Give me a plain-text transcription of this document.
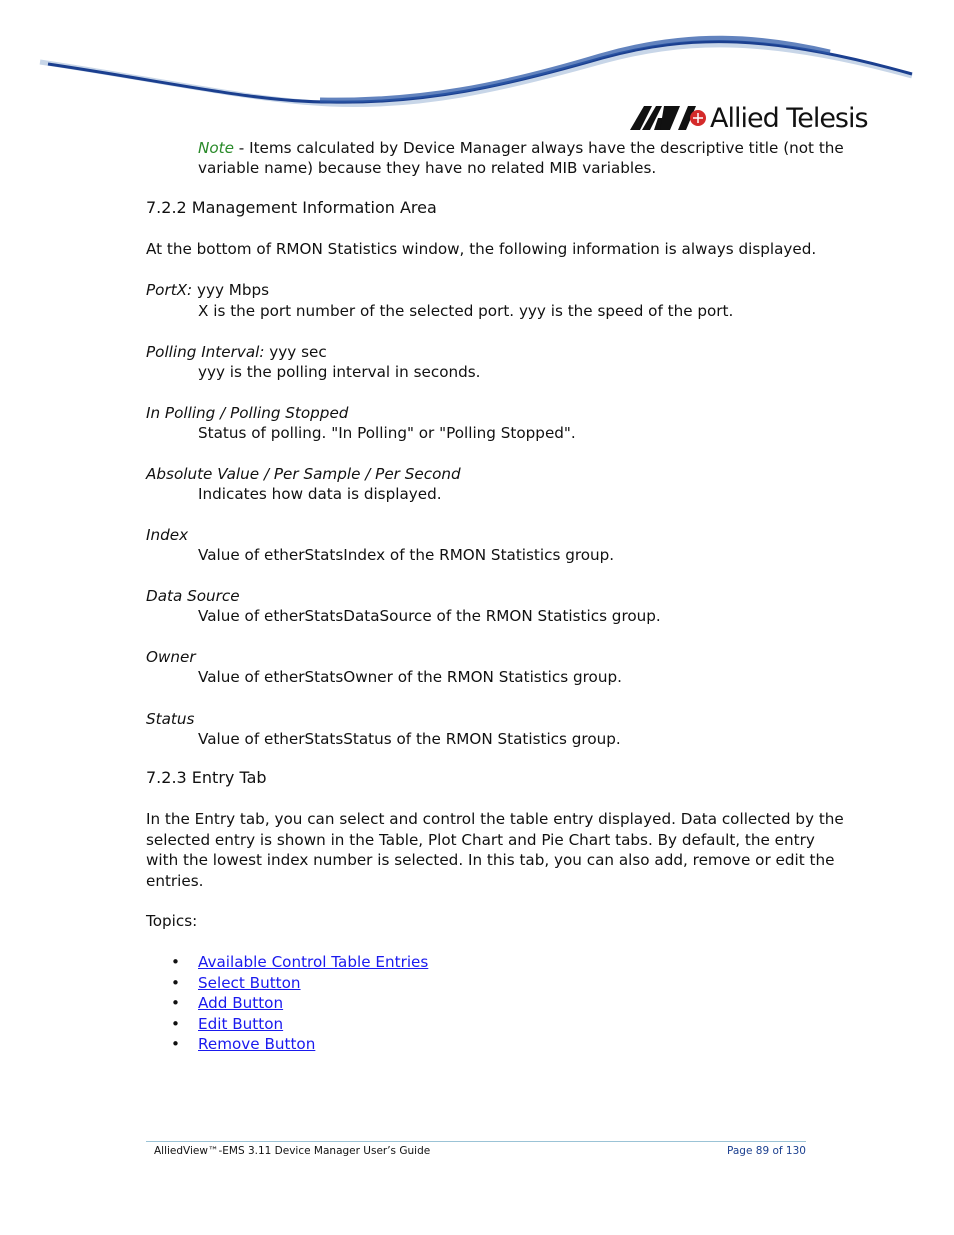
Allied Telesis
Note - Items calculated by Device Manager always have the descriptive title (not the
variable name) because they have no related MIB variables.
7.2.2 Management Information Area
At the bottom of RMON Statistics window, the following information is always displayed.
PortX: yyy Mbps
X is the port number of the selected port. yyy is the speed of the port.
Polling Interval: yyy sec
yyy is the polling interval in seconds.
In Polling / Polling Stopped
Status of polling. "In Polling" or "Polling Stopped".
Absolute Value / Per Sample / Per Second
Indicates how data is displayed.
Index
Value of etherStatsIndex of the RMON Statistics group.
Data Source
Value of etherStatsDataSource of the RMON Statistics group.
Owner
Value of etherStatsOwner of the RMON Statistics group.
Status
Value of etherStatsStatus of the RMON Statistics group.
7.2.3 Entry Tab
In the Entry tab, you can select and control the table entry displayed. Data collected by the
selected entry is shown in the Table, Plot Chart and Pie Chart tabs. By default, the entry
with the lowest index number is selected. In this tab, you can also add, remove or edit the
entries.
Topics:
• Available Control Table Entries
• Select Button
• Add Button
• Edit Button
• Remove Button
AlliedView™-EMS 3.11 Device Manager User’s Guide	Page 89 of 130
